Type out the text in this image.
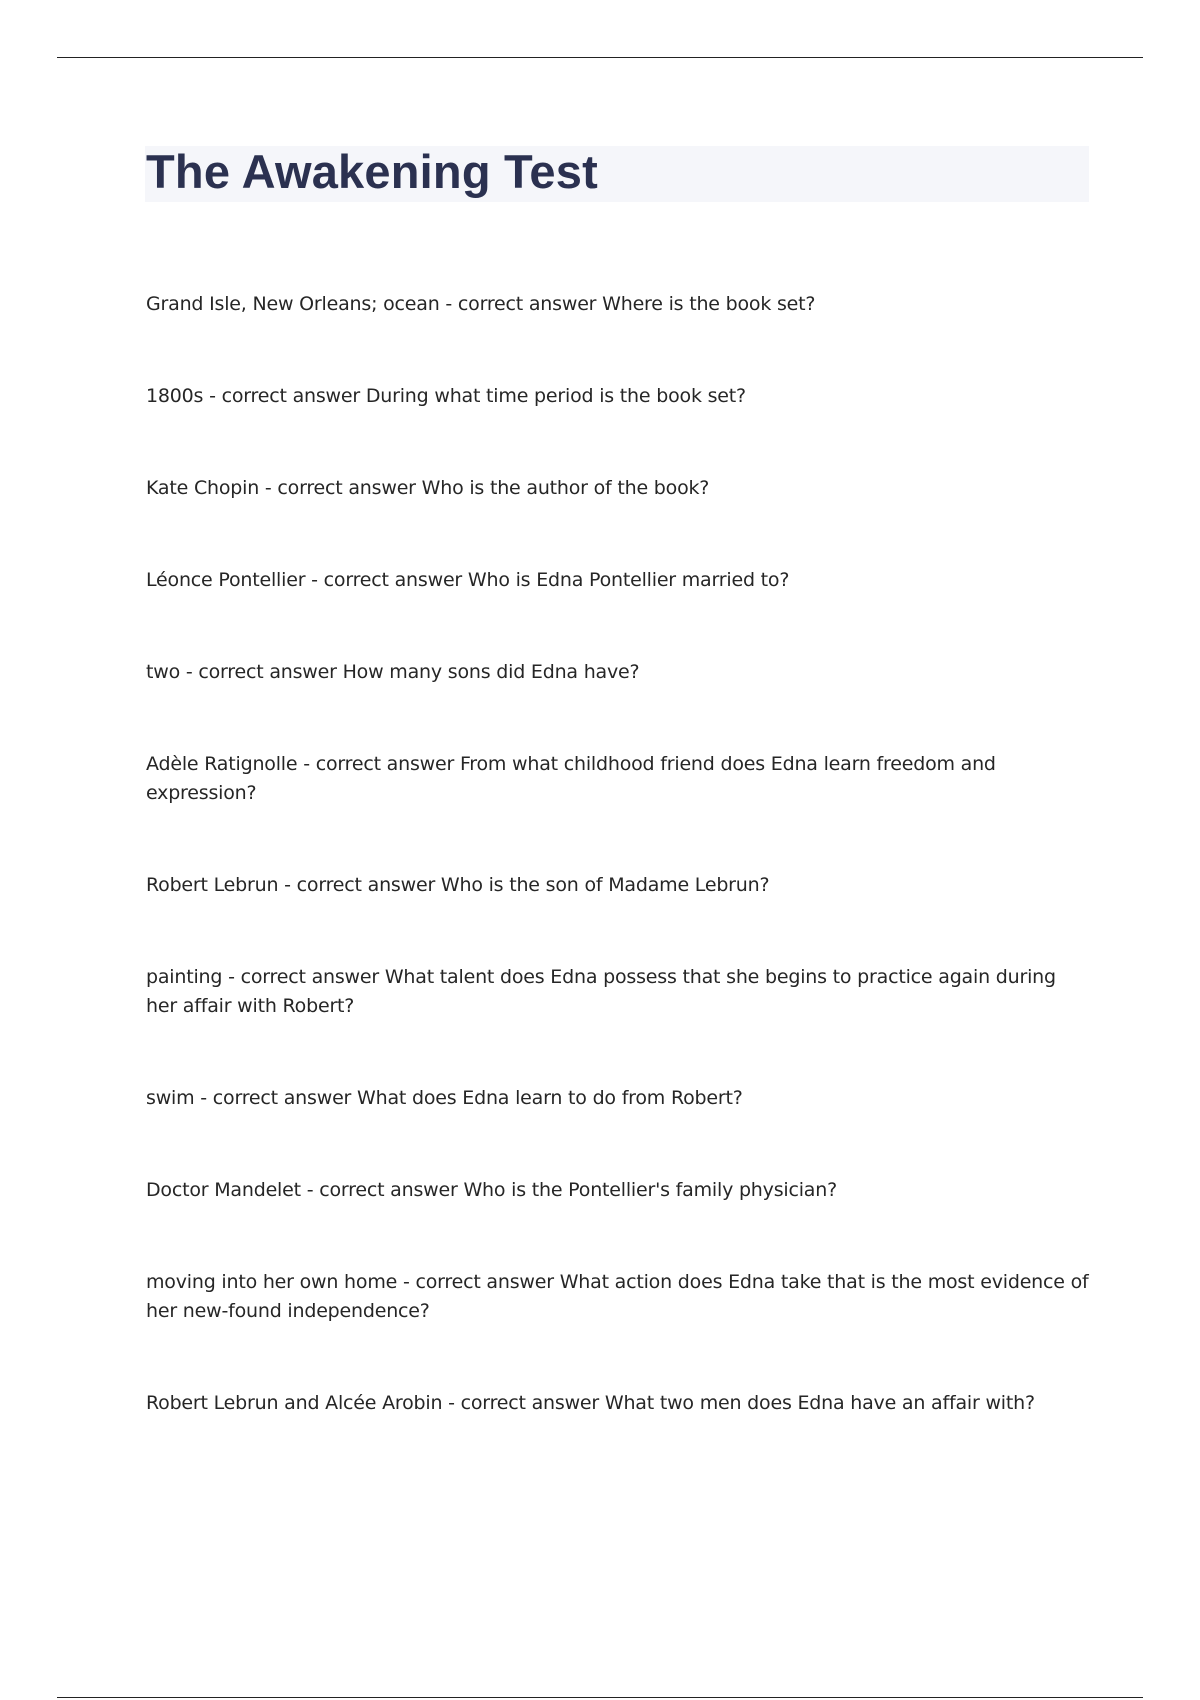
The Awakening Test
Grand Isle, New Orleans; ocean - correct answer Where is the book set?
1800s - correct answer During what time period is the book set?
Kate Chopin - correct answer Who is the author of the book?
Léonce Pontellier - correct answer Who is Edna Pontellier married to?
two - correct answer How many sons did Edna have?
Adèle Ratignolle - correct answer From what childhood friend does Edna learn freedom and expression?
Robert Lebrun - correct answer Who is the son of Madame Lebrun?
painting - correct answer What talent does Edna possess that she begins to practice again during her affair with Robert?
swim - correct answer What does Edna learn to do from Robert?
Doctor Mandelet - correct answer Who is the Pontellier's family physician?
moving into her own home - correct answer What action does Edna take that is the most evidence of her new-found independence?
Robert Lebrun and Alcée Arobin - correct answer What two men does Edna have an affair with?
